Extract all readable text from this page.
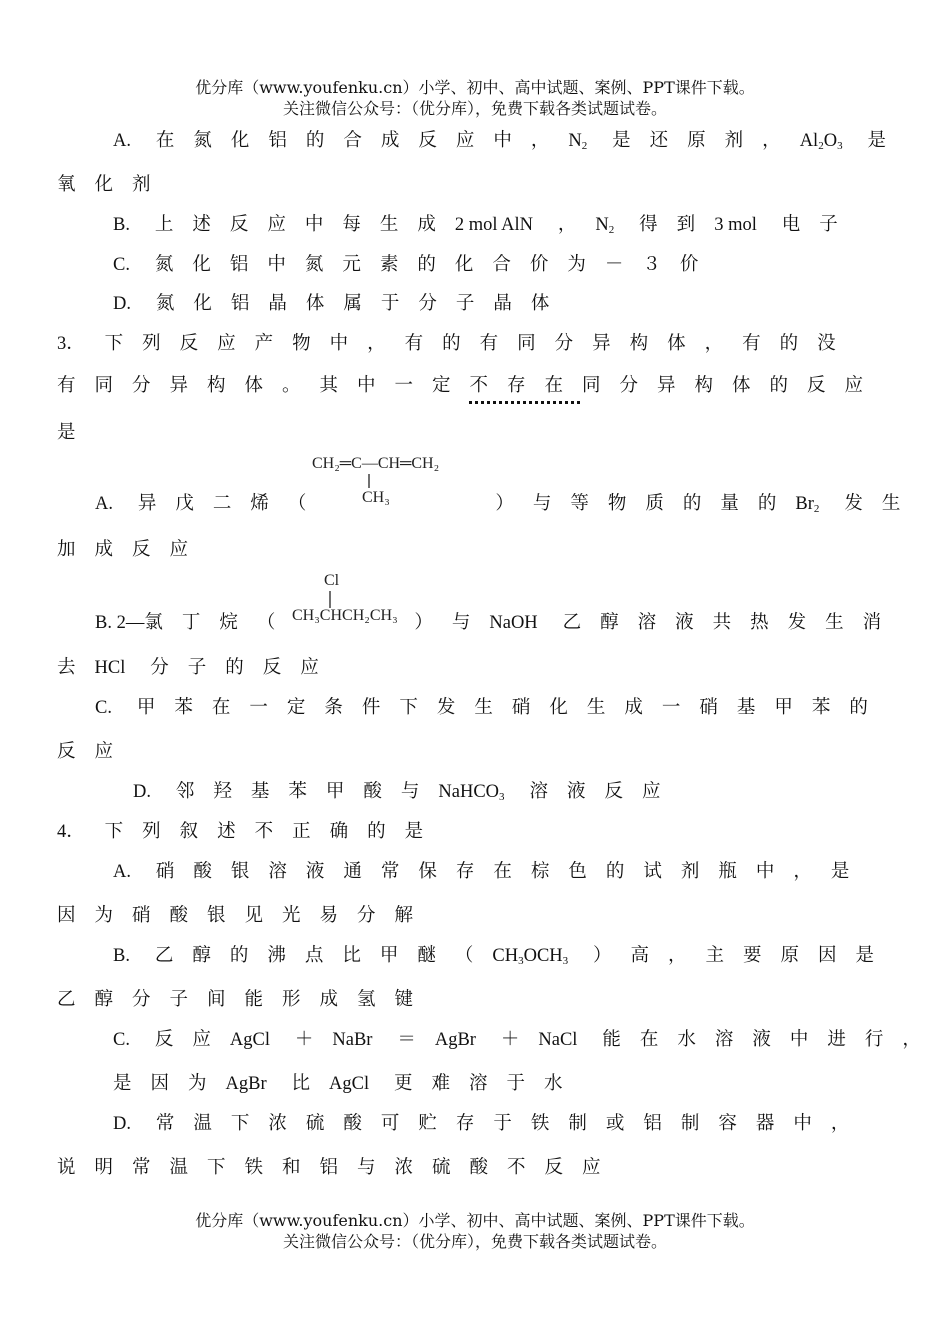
优分库（www.youfenku.cn）小学、初中、高中试题、案例、PPT课件下载。
关注微信公众号：（优分库），免费下载各类试题试卷。
A. 在氮化铝的合成反应中，$N_2$ 是还原剂，$Al_2O_3$ 是
氧化剂
B. 上述反应中每生成2 mol AlN ，$N_2$ 得到3 mol 电子
C. 氮化铝中氮元素的化合价为－３价
D. 氮化铝晶体属于分子晶体
3． 下列反应产物中，有的有同分异构体，有的没
有同分异构体。其中一定不存在同分异构体的反应
是
CH₂═C—CH═CH₂
CH₃
A. 异戊二烯（	）与等物质的量的$Br_2$ 发生
加成反应
Cl
CH₃CHCH₂CH₃
B. 2—氯丁烷（	）与NaOH 乙醇溶液共热发生消
去HCl 分子的反应
C. 甲苯在一定条件下发生硝化生成一硝基甲苯的
反应
D. 邻羟基苯甲酸与NaHCO$_3$ 溶液反应
4． 下列叙述不正确的是
A. 硝酸银溶液通常保存在棕色的试剂瓶中，是
因为硝酸银见光易分解
B. 乙醇的沸点比甲醚（$CH_3OCH_3$ ）高，主要原因是
乙醇分子间能形成氢键
C. 反应AgCl ＋NaBr ＝AgBr ＋NaCl 能在水溶液中进行，
是因为AgBr 比AgCl 更难溶于水
D. 常温下浓硫酸可贮存于铁制或铝制容器中，
说明常温下铁和铝与浓硫酸不反应
优分库（www.youfenku.cn）小学、初中、高中试题、案例、PPT课件下载。
关注微信公众号：（优分库），免费下载各类试题试卷。
